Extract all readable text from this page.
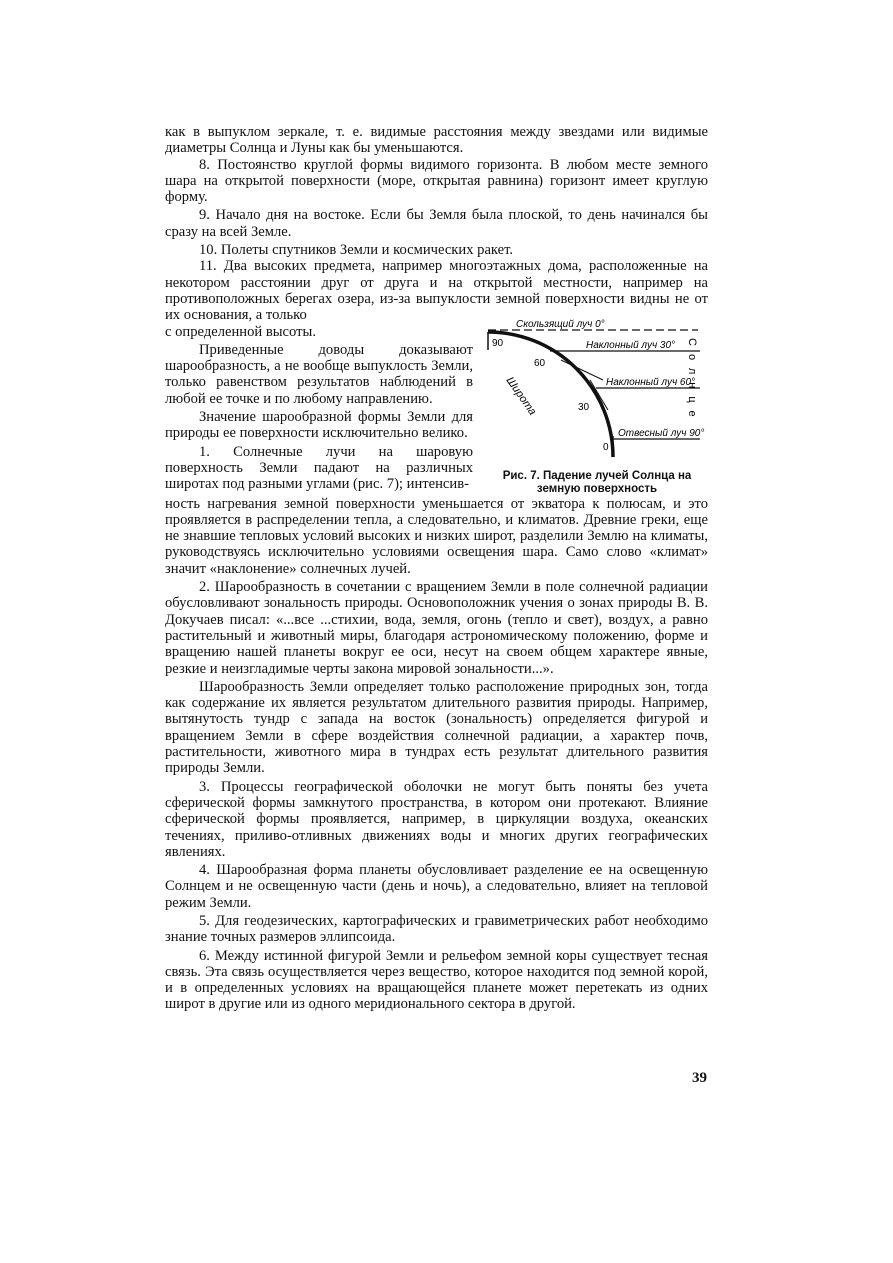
как в выпуклом зеркале, т. е. видимые расстояния между звездами или видимые диаметры Солнца и Луны как бы уменьшаются.

8. Постоянство круглой формы видимого горизонта. В любом месте земного шара на открытой поверхности (море, открытая равнина) горизонт имеет круглую форму.

9. Начало дня на востоке. Если бы Земля была плоской, то день начинался бы сразу на всей Земле.

10. Полеты спутников Земли и космических ракет.

11. Два высоких предмета, например многоэтажных дома, расположенные на некотором расстоянии друг от друга и на открытой местности, например на противоположных берегах озера, из-за выпуклости земной поверхности видны не от их основания, а только

с определенной высоты.

Приведенные доводы доказывают шарообразность, а не вообще выпуклость Земли, только равенством результатов наблюдений в любой ее точке и по любому направлению.

Значение шарообразной формы Земли для природы ее поверхности исключительно велико.

1. Солнечные лучи на шаровую поверхность Земли падают на различных широтах под разными углами (рис. 7); интенсив-

Скользящий луч 0°
Наклонный луч 30°
Наклонный луч 60°
Отвесный луч 90°
90
60
30
0
Широта	Солнце
Рис. 7. Падение лучей Солнца на земную поверхность

ность нагревания земной поверхности уменьшается от экватора к полюсам, и это проявляется в распределении тепла, а следовательно, и климатов. Древние греки, еще не знавшие тепловых условий высоких и низких широт, разделили Землю на климаты, руководствуясь исключительно условиями освещения шара. Само слово «климат» значит «наклонение» солнечных лучей.

2. Шарообразность в сочетании с вращением Земли в поле солнечной радиации обусловливают зональность природы. Основоположник учения о зонах природы В. В. Докучаев писал: «...все ...стихии, вода, земля, огонь (тепло и свет), воздух, а равно растительный и животный миры, благодаря астрономическому положению, форме и вращению нашей планеты вокруг ее оси, несут на своем общем характере явные, резкие и неизгладимые черты закона мировой зональности...».

Шарообразность Земли определяет только расположение природных зон, тогда как содержание их является результатом длительного развития природы. Например, вытянутость тундр с запада на восток (зональность) определяется фигурой и вращением Земли в сфере воздействия солнечной радиации, а характер почв, растительности, животного мира в тундрах есть результат длительного развития природы Земли.

3. Процессы географической оболочки не могут быть поняты без учета сферической формы замкнутого пространства, в котором они протекают. Влияние сферической формы проявляется, например, в циркуляции воздуха, океанских течениях, приливо-отливных движениях воды и многих других географических явлениях.

4. Шарообразная форма планеты обусловливает разделение ее на освещенную Солнцем и не освещенную части (день и ночь), а следовательно, влияет на тепловой режим Земли.

5. Для геодезических, картографических и гравиметрических работ необходимо знание точных размеров эллипсоида.

6. Между истинной фигурой Земли и рельефом земной коры существует тесная связь. Эта связь осуществляется через вещество, которое находится под земной корой, и в определенных условиях на вращающейся планете может перетекать из одних широт в другие или из одного меридионального сектора в другой.

39
